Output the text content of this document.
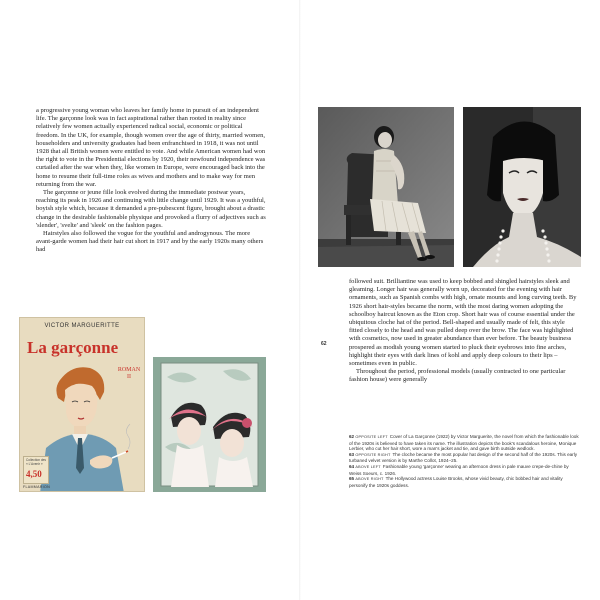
a progressive young woman who leaves her family home in pursuit of an independent life. The garçonne look was in fact aspirational rather than rooted in reality since relatively few women actually experienced radical social, economic or political freedom. In the UK, for example, though women over the age of thirty, married women, householders and university graduates had been enfranchised in 1918, it was not until 1928 that all British women were entitled to vote. And while American women had won the right to vote in the Presidential elections by 1920, their newfound independence was curtailed after the war when they, like women in Europe, were encouraged back into the home to resume their full-time roles as wives and mothers and to make way for men returning from the war.

The garçonne or jeune fille look evolved during the immediate postwar years, reaching its peak in 1926 and continuing with little change until 1929. It was a youthful, boyish style which, because it demanded a pre-pubescent figure, brought about a drastic change in the desirable fashionable physique and provoked a flurry of adjectives such as 'slender', 'svelte' and 'sleek' on the fashion pages.

Hairstyles also followed the vogue for the youthful and androgynous. The more avant-garde women had their hair cut short in 1917 and by the early 1920s many others had

VICTOR MARGUERITTE
La garçonne
ROMAN
II
Collection des « L'Avenir »
4,50
FLAMMARION
62

followed suit. Brilliantine was used to keep bobbed and shingled hairstyles sleek and gleaming. Longer hair was generally worn up, decorated for the evening with hair ornaments, such as Spanish combs with high, ornate mounts and long curving teeth. By 1926 short hair-styles became the norm, with the most daring women adopting the schoolboy haircut known as the Eton crop. Short hair was of course essential under the ubiquitous cloche hat of the period. Bell-shaped and usually made of felt, this style fitted closely to the head and was pulled deep over the brow. The face was highlighted with cosmetics, now used in greater abundance than ever before. The beauty business prospered as modish young women started to pluck their eyebrows into fine arches, highlight their eyes with dark lines of kohl and apply deep colours to their lips – sometimes even in public.

Throughout the period, professional models (usually contracted to one particular fashion house) were generally

62 OPPOSITE LEFT Cover of La Garçonne (1922) by Victor Marguerite, the novel from which the fashionable look of the 1920s is believed to have taken its name. The illustration depicts the book's scandalous heroine, Monique Lerbier, who cut her hair short, wore a man's jacket and tie, and gave birth outside wedlock.

63 OPPOSITE RIGHT The cloche became the most popular hat design of the second half of the 1920s. This early turbaned velvet version is by Marthe Collot, 1924–25.

64 ABOVE LEFT Fashionable young 'garçonne' wearing an afternoon dress in pale mauve crepe-de-chine by Weiss Soeurs, c. 1926.

65 ABOVE RIGHT The Hollywood actress Louise Brooks, whose vivid beauty, chic bobbed hair and vitality personify the 1920s goddess.
